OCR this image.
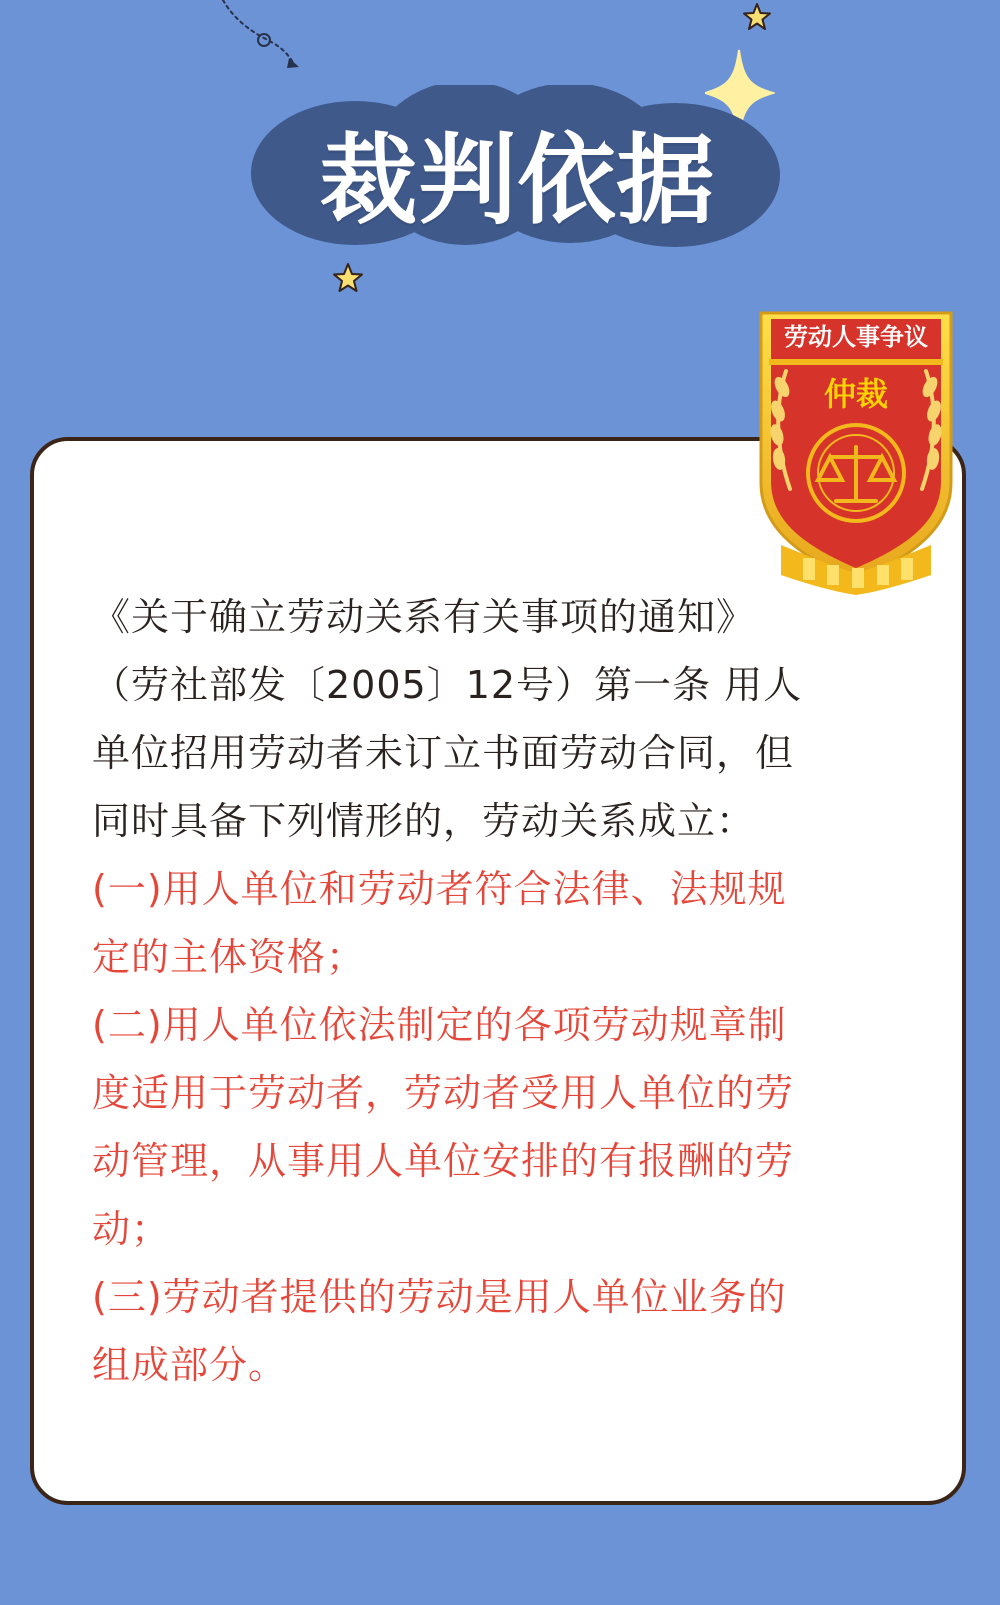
裁判依据
劳动人事争议
仲裁
《关于确立劳动关系有关事项的通知》
（劳社部发〔2005〕12号）第一条 用人
单位招用劳动者未订立书面劳动合同，但
同时具备下列情形的，劳动关系成立：
(一)用人单位和劳动者符合法律、法规规
定的主体资格；
(二)用人单位依法制定的各项劳动规章制
度适用于劳动者，劳动者受用人单位的劳
动管理，从事用人单位安排的有报酬的劳
动；
(三)劳动者提供的劳动是用人单位业务的
组成部分。
